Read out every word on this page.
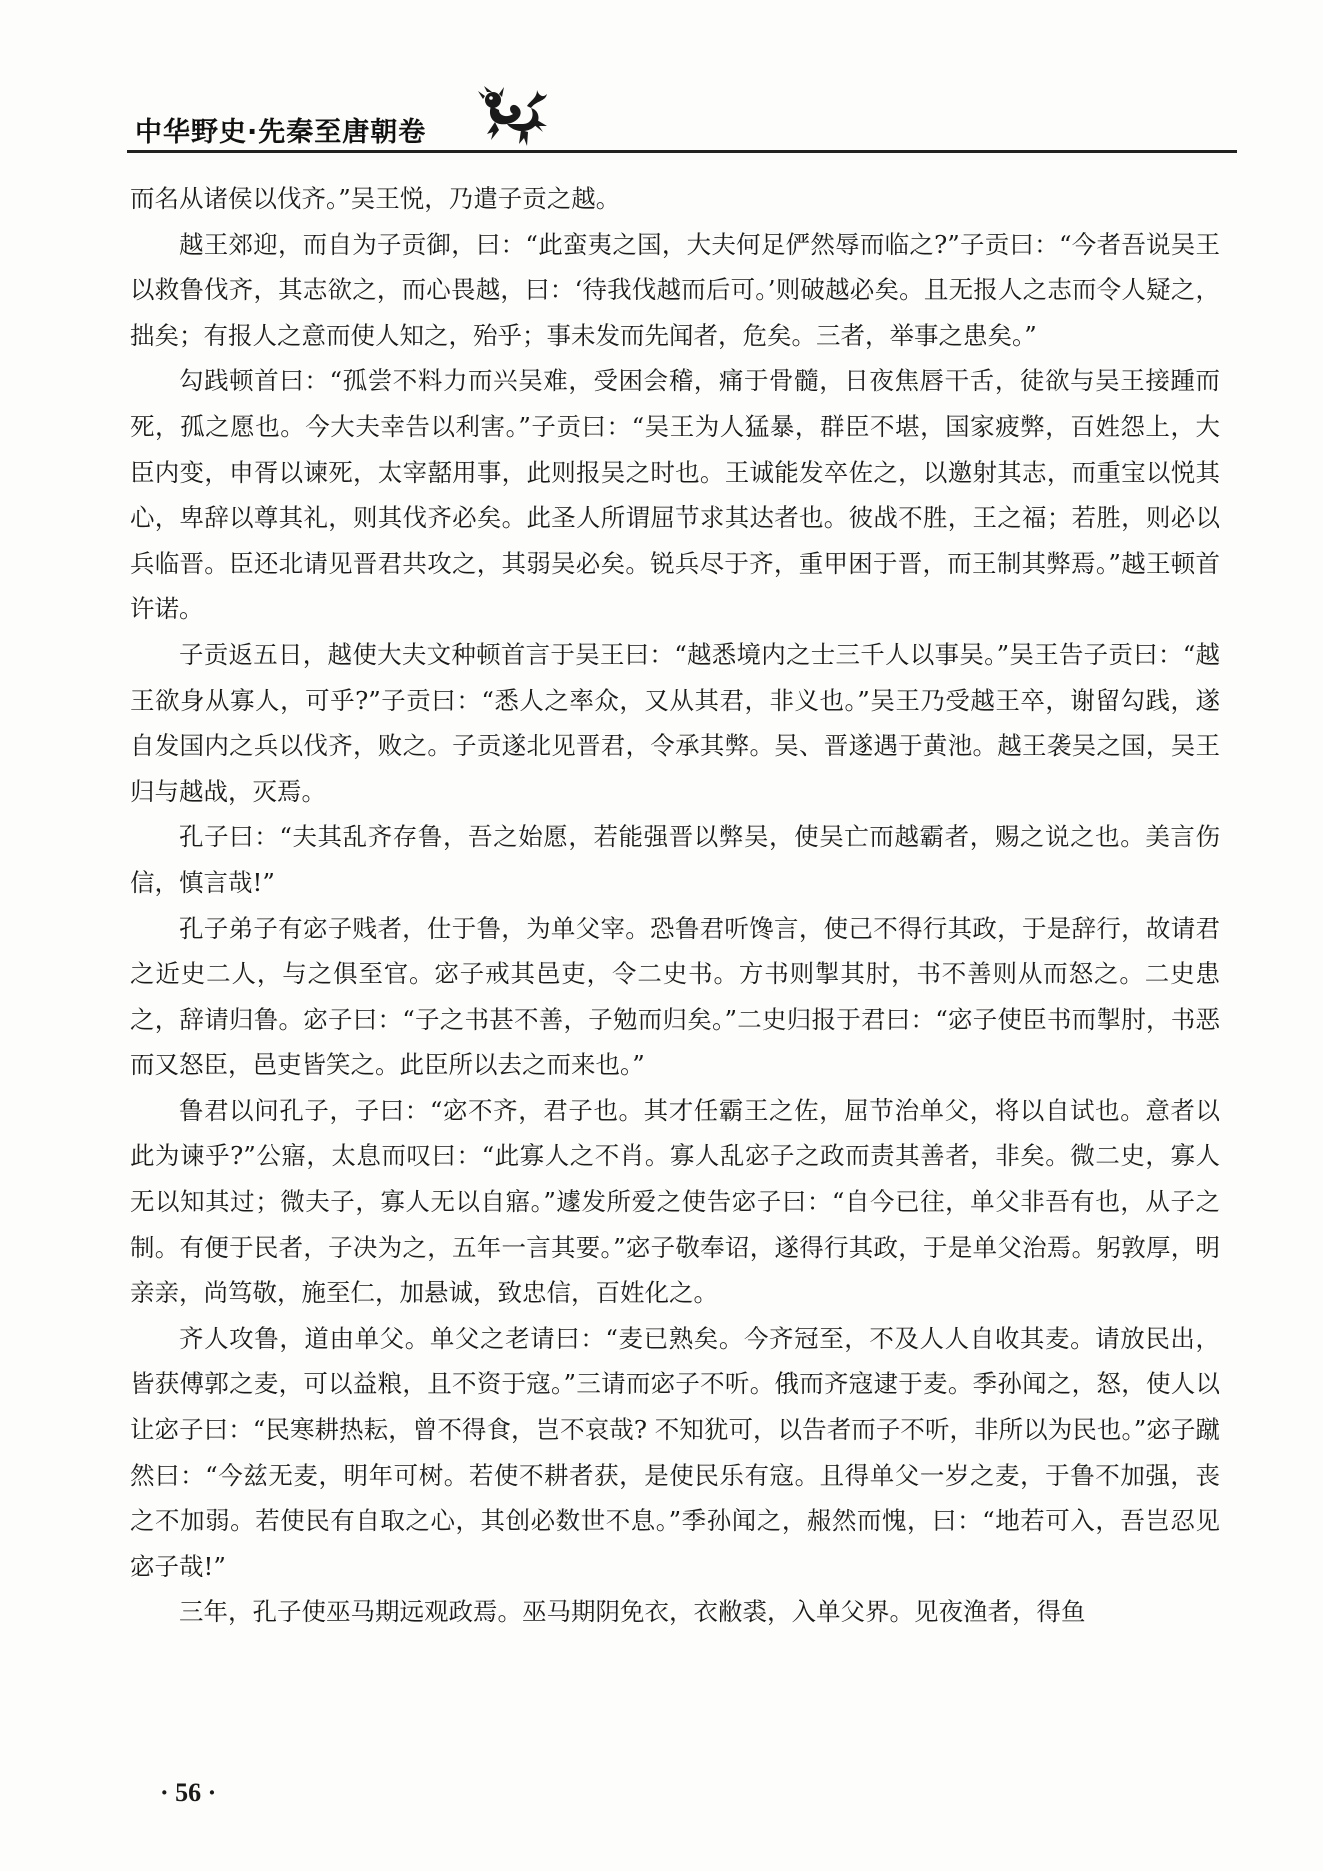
中华野史·先秦至唐朝卷

而名从诸侯以伐齐。”吴王悦，乃遣子贡之越。

越王郊迎，而自为子贡御，曰：“此蛮夷之国，大夫何足俨然辱而临之?”子贡曰：“今者吾说吴王以救鲁伐齐，其志欲之，而心畏越，曰：‘待我伐越而后可。’则破越必矣。且无报人之志而令人疑之，拙矣；有报人之意而使人知之，殆乎；事未发而先闻者，危矣。三者，举事之患矣。”

勾践顿首曰：“孤尝不料力而兴吴难，受困会稽，痛于骨髓，日夜焦唇干舌，徒欲与吴王接踵而死，孤之愿也。今大夫幸告以利害。”子贡曰：“吴王为人猛暴，群臣不堪，国家疲弊，百姓怨上，大臣内变，申胥以谏死，太宰嚭用事，此则报吴之时也。王诚能发卒佐之，以邀射其志，而重宝以悦其心，卑辞以尊其礼，则其伐齐必矣。此圣人所谓屈节求其达者也。彼战不胜，王之福；若胜，则必以兵临晋。臣还北请见晋君共攻之，其弱吴必矣。锐兵尽于齐，重甲困于晋，而王制其弊焉。”越王顿首许诺。

子贡返五日，越使大夫文种顿首言于吴王曰：“越悉境内之士三千人以事吴。”吴王告子贡曰：“越王欲身从寡人，可乎?”子贡曰：“悉人之率众，又从其君，非义也。”吴王乃受越王卒，谢留勾践，遂自发国内之兵以伐齐，败之。子贡遂北见晋君，令承其弊。吴、晋遂遇于黄池。越王袭吴之国，吴王归与越战，灭焉。

孔子曰：“夫其乱齐存鲁，吾之始愿，若能强晋以弊吴，使吴亡而越霸者，赐之说之也。美言伤信，慎言哉!”

孔子弟子有宓子贱者，仕于鲁，为单父宰。恐鲁君听馋言，使己不得行其政，于是辞行，故请君之近史二人，与之俱至官。宓子戒其邑吏，令二史书。方书则掣其肘，书不善则从而怒之。二史患之，辞请归鲁。宓子曰：“子之书甚不善，子勉而归矣。”二史归报于君曰：“宓子使臣书而掣肘，书恶而又怒臣，邑吏皆笑之。此臣所以去之而来也。”

鲁君以问孔子，子曰：“宓不齐，君子也。其才任霸王之佐，屈节治单父，将以自试也。意者以此为谏乎?”公寤，太息而叹曰：“此寡人之不肖。寡人乱宓子之政而责其善者，非矣。微二史，寡人无以知其过；微夫子，寡人无以自寤。”遽发所爱之使告宓子曰：“自今已往，单父非吾有也，从子之制。有便于民者，子决为之，五年一言其要。”宓子敬奉诏，遂得行其政，于是单父治焉。躬敦厚，明亲亲，尚笃敬，施至仁，加悬诚，致忠信，百姓化之。

齐人攻鲁，道由单父。单父之老请曰：“麦已熟矣。今齐冠至，不及人人自收其麦。请放民出，皆获傅郭之麦，可以益粮，且不资于寇。”三请而宓子不听。俄而齐寇逮于麦。季孙闻之，怒，使人以让宓子曰：“民寒耕热耘，曾不得食，岂不哀哉? 不知犹可，以告者而子不听，非所以为民也。”宓子蹴然曰：“今兹无麦，明年可树。若使不耕者获，是使民乐有寇。且得单父一岁之麦，于鲁不加强，丧之不加弱。若使民有自取之心，其创必数世不息。”季孙闻之，赧然而愧，曰：“地若可入，吾岂忍见宓子哉!”

三年，孔子使巫马期远观政焉。巫马期阴免衣，衣敝裘，入单父界。见夜渔者，得鱼

· 56 ·
